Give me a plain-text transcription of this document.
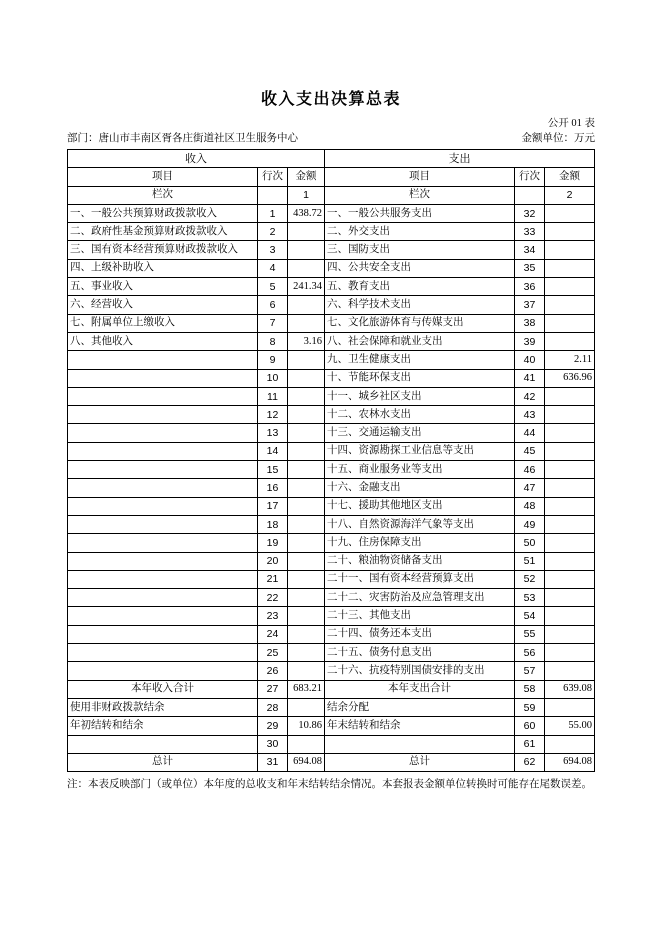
收入支出决算总表
公开 01 表
部门：唐山市丰南区胥各庄街道社区卫生服务中心	金额单位：万元
收入			支出		
项目	行次	金额	项目	行次	金额
栏次		1	栏次		2
一、一般公共预算财政拨款收入	1	438.72	一、一般公共服务支出	32	
二、政府性基金预算财政拨款收入	2		二、外交支出	33	
三、国有资本经营预算财政拨款收入	3		三、国防支出	34	
四、上级补助收入	4		四、公共安全支出	35	
五、事业收入	5	241.34	五、教育支出	36	
六、经营收入	6		六、科学技术支出	37	
七、附属单位上缴收入	7		七、文化旅游体育与传媒支出	38	
八、其他收入	8	3.16	八、社会保障和就业支出	39	
	9		九、卫生健康支出	40	2.11
	10		十、节能环保支出	41	636.96
	11		十一、城乡社区支出	42	
	12		十二、农林水支出	43	
	13		十三、交通运输支出	44	
	14		十四、资源勘探工业信息等支出	45	
	15		十五、商业服务业等支出	46	
	16		十六、金融支出	47	
	17		十七、援助其他地区支出	48	
	18		十八、自然资源海洋气象等支出	49	
	19		十九、住房保障支出	50	
	20		二十、粮油物资储备支出	51	
	21		二十一、国有资本经营预算支出	52	
	22		二十二、灾害防治及应急管理支出	53	
	23		二十三、其他支出	54	
	24		二十四、债务还本支出	55	
	25		二十五、债务付息支出	56	
	26		二十六、抗疫特别国债安排的支出	57	
本年收入合计	27	683.21	本年支出合计	58	639.08
使用非财政拨款结余	28		结余分配	59	
年初结转和结余	29	10.86	年末结转和结余	60	55.00
	30			61	
总计	31	694.08	总计	62	694.08

注：本表反映部门（或单位）本年度的总收支和年末结转结余情况。本套报表金额单位转换时可能存在尾数误差。
